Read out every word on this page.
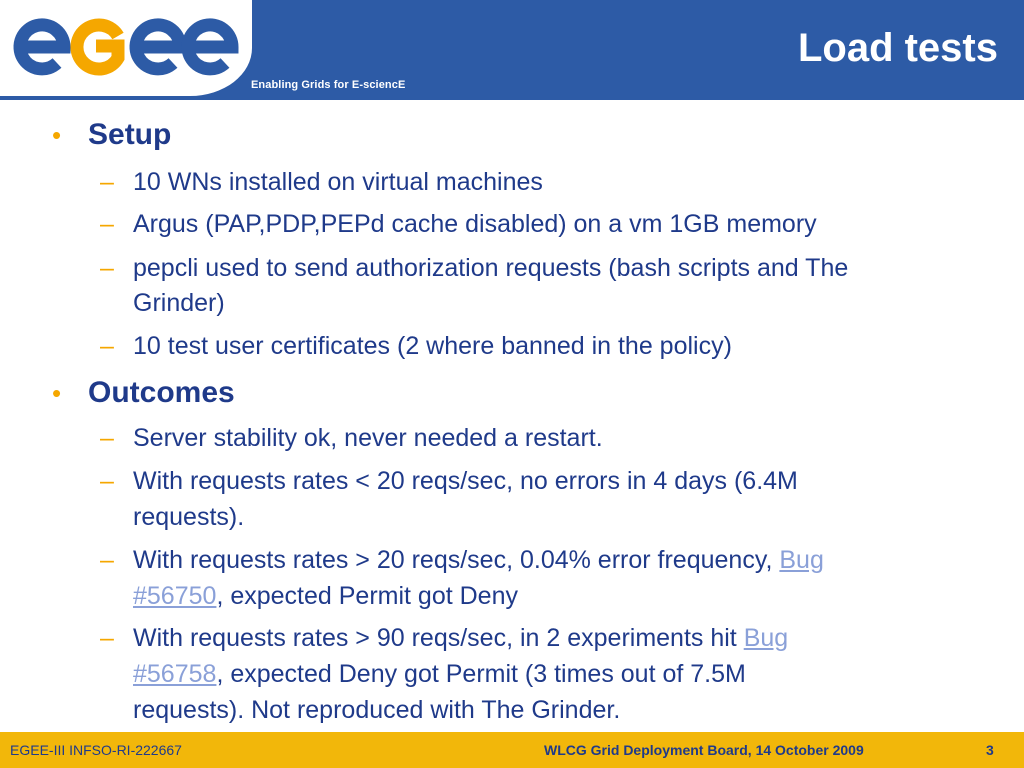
Enabling Grids for E-sciencE
Load tests
• Setup
– 10 WNs installed on virtual machines
– Argus (PAP,PDP,PEPd cache disabled) on a vm 1GB memory
– pepcli used to send authorization requests (bash scripts and The
Grinder)
– 10 test user certificates (2 where banned in the policy)
• Outcomes
– Server stability ok, never needed a restart.
– With requests rates < 20 reqs/sec, no errors in 4 days (6.4M
requests).
– With requests rates > 20 reqs/sec, 0.04% error frequency, Bug
#56750, expected Permit got Deny
– With requests rates > 90 reqs/sec, in 2 experiments hit Bug
#56758, expected Deny got Permit (3 times out of 7.5M
requests). Not reproduced with The Grinder.
EGEE-III INFSO-RI-222667	WLCG Grid Deployment Board, 14 October 2009	3
